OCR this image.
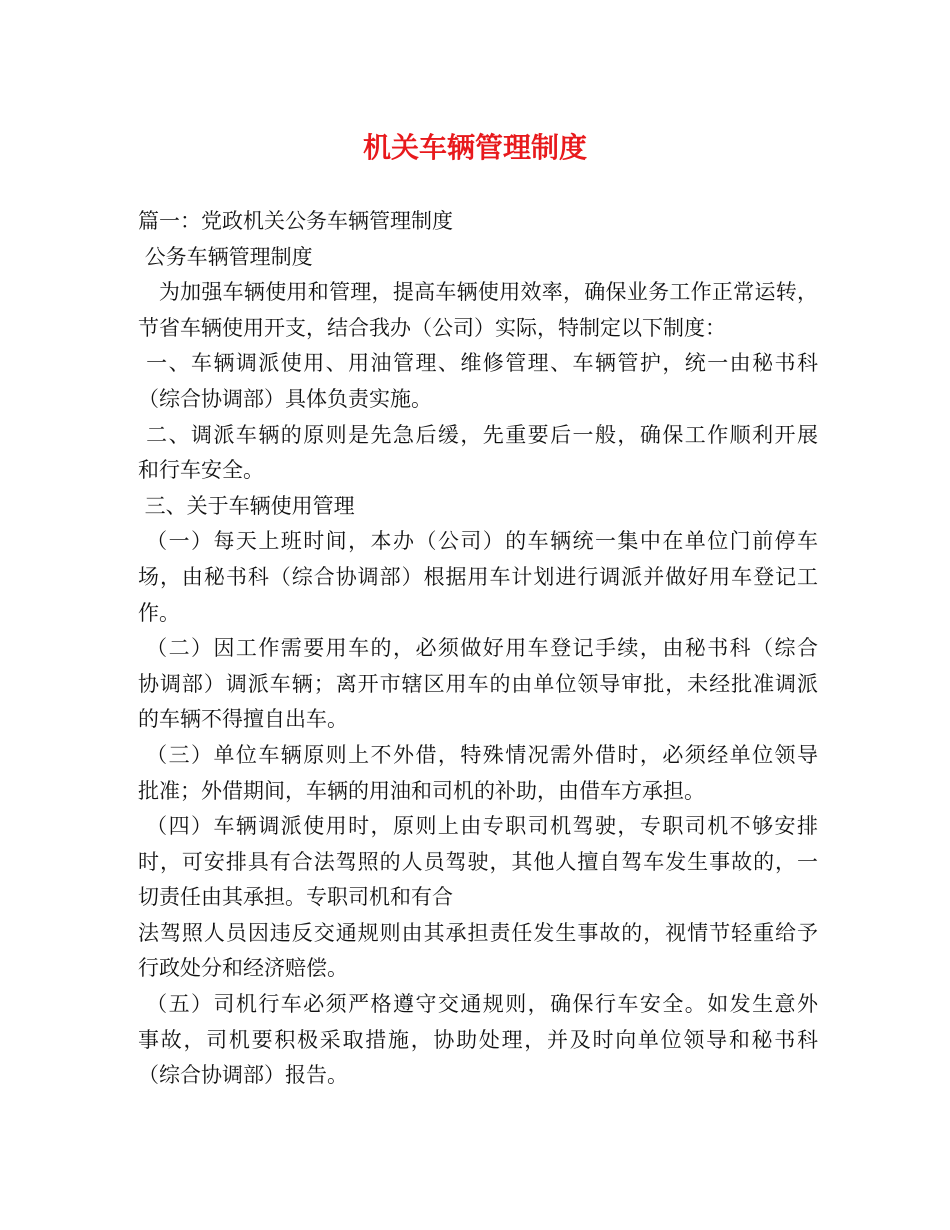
机关车辆管理制度
篇一：党政机关公务车辆管理制度
公务车辆管理制度
为加强车辆使用和管理，提高车辆使用效率，确保业务工作正常运转，
节省车辆使用开支，结合我办（公司）实际，特制定以下制度：
一、车辆调派使用、用油管理、维修管理、车辆管护，统一由秘书科
（综合协调部）具体负责实施。
二、调派车辆的原则是先急后缓，先重要后一般，确保工作顺利开展
和行车安全。
三、关于车辆使用管理
（一）每天上班时间，本办（公司）的车辆统一集中在单位门前停车
场，由秘书科（综合协调部）根据用车计划进行调派并做好用车登记工
作。
（二）因工作需要用车的，必须做好用车登记手续，由秘书科（综合
协调部）调派车辆；离开市辖区用车的由单位领导审批，未经批准调派
的车辆不得擅自出车。
（三）单位车辆原则上不外借，特殊情况需外借时，必须经单位领导
批准；外借期间，车辆的用油和司机的补助，由借车方承担。
（四）车辆调派使用时，原则上由专职司机驾驶，专职司机不够安排
时，可安排具有合法驾照的人员驾驶，其他人擅自驾车发生事故的，一
切责任由其承担。专职司机和有合
法驾照人员因违反交通规则由其承担责任发生事故的，视情节轻重给予
行政处分和经济赔偿。
（五）司机行车必须严格遵守交通规则，确保行车安全。如发生意外
事故，司机要积极采取措施，协助处理，并及时向单位领导和秘书科
（综合协调部）报告。
